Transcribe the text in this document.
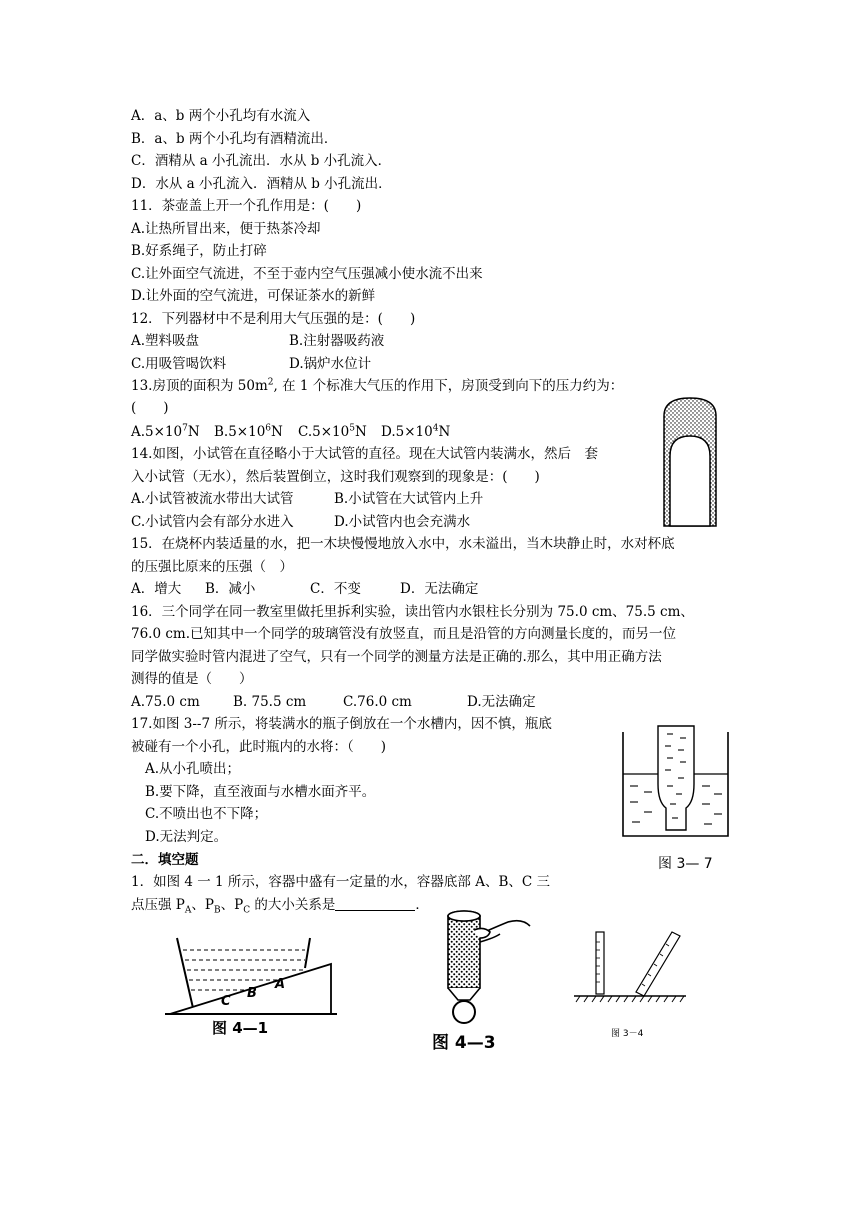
A．a、b 两个小孔均有水流入
B．a、b 两个小孔均有酒精流出．
C．酒精从 a 小孔流出．水从 b 小孔流入．
D．水从 a 小孔流入．酒精从 b 小孔流出．
11．茶壶盖上开一个孔作用是：(　　)
A.让热所冒出来，便于热茶冷却
B.好系绳子，防止打碎
C.让外面空气流进，不至于壶内空气压强减小使水流不出来
D.让外面的空气流进，可保证茶水的新鲜
12．下列器材中不是利用大气压强的是：(　　)
A.塑料吸盘	B.注射器吸药液
C.用吸管喝饮料	D.锅炉水位计
13.房顶的面积为 $50m^2$, 在 1 个标准大气压的作用下，房顶受到向下的压力约为：
(　　)
$A.5\times 10^7N$ $B.5\times 10^6N$ $C.5\times 10^5N$ $D.5\times 10^4N$
14.如图，小试管在直径略小于大试管的直径。现在大试管内装满水，然后　套
入小试管（无水），然后装置倒立，这时我们观察到的现象是：(　　)
A.小试管被流水带出大试管	B.小试管在大试管内上升
C.小试管内会有部分水进入	D.小试管内也会充满水
15．在烧杯内装适量的水，把一木块慢慢地放入水中，水未溢出，当木块静止时，水对杯底
的压强比原来的压强（　）
A．增大 B．减小	C．不变	D．无法确定
16．三个同学在同一教室里做托里拆利实验，读出管内水银柱长分别为 75.0 cm、75.5 cm、
76.0 cm.已知其中一个同学的玻璃管没有放竖直，而且是沿管的方向测量长度的，而另一位
同学做实验时管内混进了空气，只有一个同学的测量方法是正确的.那么，其中用正确方法
测得的值是（　　）
A.75.0 cm B. 75.5 cm	C.76.0 cm	D.无法确定
17.如图 3--7 所示，将装满水的瓶子倒放在一个水槽内，因不慎，瓶底
被碰有一个小孔，此时瓶内的水将：（　　)
A.从小孔喷出；
B.要下降，直至液面与水槽水面齐平。
C.不喷出也不下降；
D.无法判定。
图 3— 7
二．填空题
1．如图 4 一 1 所示，容器中盛有一定量的水，容器底部 A、B、C 三
点压强 $P_A$、$P_B$、$P_C$ 的大小关系是	．
C
B
A
图 4—1
图 4—3	图 3－4
